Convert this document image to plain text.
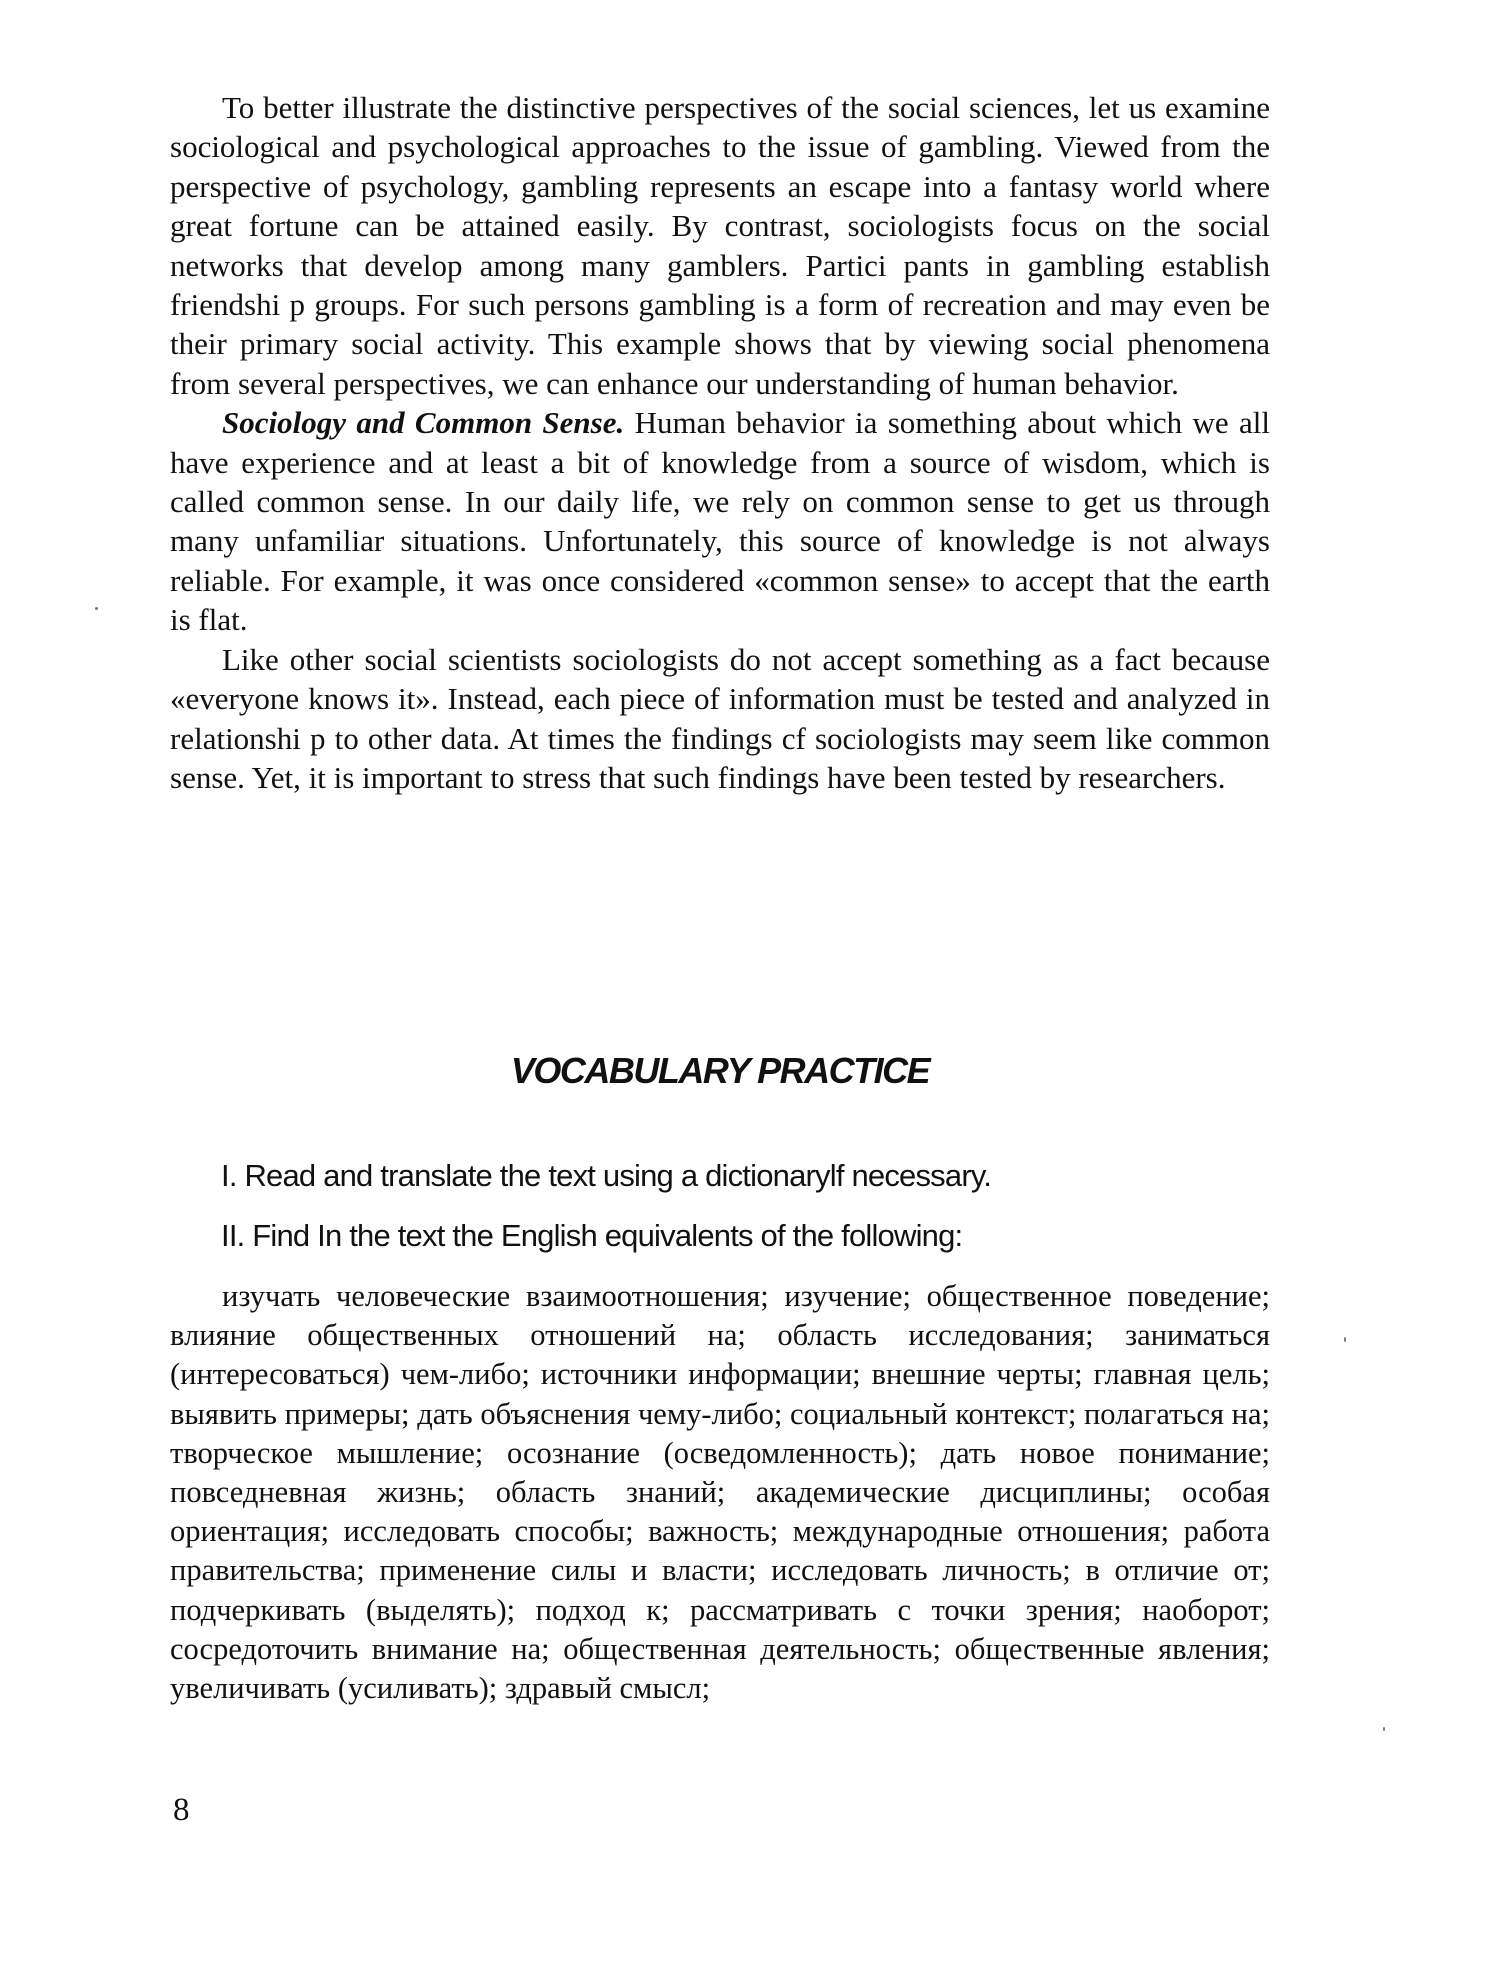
To better illustrate the distinctive perspectives of the social sciences, let us examine sociological and psychological approaches to the issue of gambling. Viewed from the perspective of psychology, gambling represents an escape into a fantasy world where great fortune can be attained easily. By contrast, sociologists focus on the social networks that develop among many gamblers. Partici pants in gambling establish friendshi p groups. For such persons gambling is a form of recreation and may even be their primary social activity. This example shows that by viewing social phenomena from several perspectives, we can enhance our understanding of human behavior.

Sociology and Common Sense. Human behavior ia something about which we all have experience and at least a bit of knowledge from a source of wisdom, which is called common sense. In our daily life, we rely on common sense to get us through many unfamiliar situations. Unfortunately, this source of knowledge is not always reliable. For example, it was once considered «common sense» to accept that the earth is flat.

Like other social scientists sociologists do not accept something as a fact because «everyone knows it». Instead, each piece of information must be tested and analyzed in relationshi p to other data. At times the findings cf sociologists may seem like common sense. Yet, it is important to stress that such findings have been tested by researchers.

VOCABULARY PRACTICE

I. Read and translate the text using a dictionarylf necessary.

II. Find In the text the English equivalents of the following:

изучать человеческие взаимоотношения; изучение; общественное поведение; влияние общественных отношений на; область исследования; заниматься (интересоваться) чем-либо; источники информации; внешние черты; главная цель; выявить примеры; дать объяснения чему-либо; социальный контекст; полагаться на; творческое мышление; осознание (осведомленность); дать новое понимание; повседневная жизнь; область знаний; академические дисциплины; особая ориентация; исследовать способы; важность; международные отношения; работа правительства; применение силы и власти; исследовать личность; в отличие от; подчеркивать (выделять); подход к; рассматривать с точки зрения; наоборот; сосредоточить внимание на; общественная деятельность; общественные явления; увеличивать (усиливать); здравый смысл;

8
